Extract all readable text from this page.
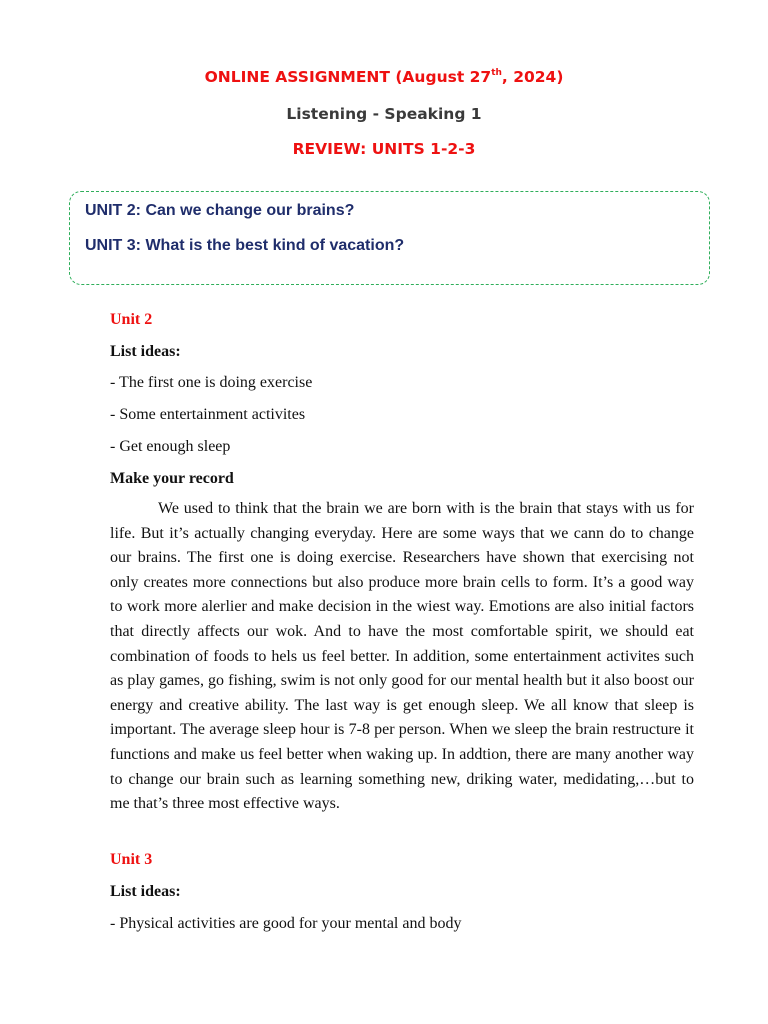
ONLINE ASSIGNMENT (August 27th, 2024)
Listening - Speaking 1
REVIEW: UNITS 1-2-3
UNIT 2: Can we change our brains?
UNIT 3: What is the best kind of vacation?
Unit 2
List ideas:
- The first one is doing exercise
- Some entertainment activites
- Get enough sleep
Make your record
We used to think that the brain we are born with is the brain that stays with us for life. But it’s actually changing everyday. Here are some ways that we cann do to change our brains. The first one is doing exercise. Researchers have shown that exercising not only creates more connections but also produce more brain cells to form. It’s a good way to work more alerlier and make decision in the wiest way. Emotions are also initial factors that directly affects our wok. And to have the most comfortable spirit, we should eat combination of foods to hels us feel better. In addition, some entertainment activites such as play games, go fishing, swim is not only good for our mental health but it also boost our energy and creative ability. The last way is get enough sleep. We all know that sleep is important. The average sleep hour is 7-8 per person. When we sleep the brain restructure it functions and make us feel better when waking up. In addtion, there are many another way to change our brain such as learning something new, driking water, medidating,…but to me that’s three most effective ways.
Unit 3
List ideas:
- Physical activities are good for your mental and body
